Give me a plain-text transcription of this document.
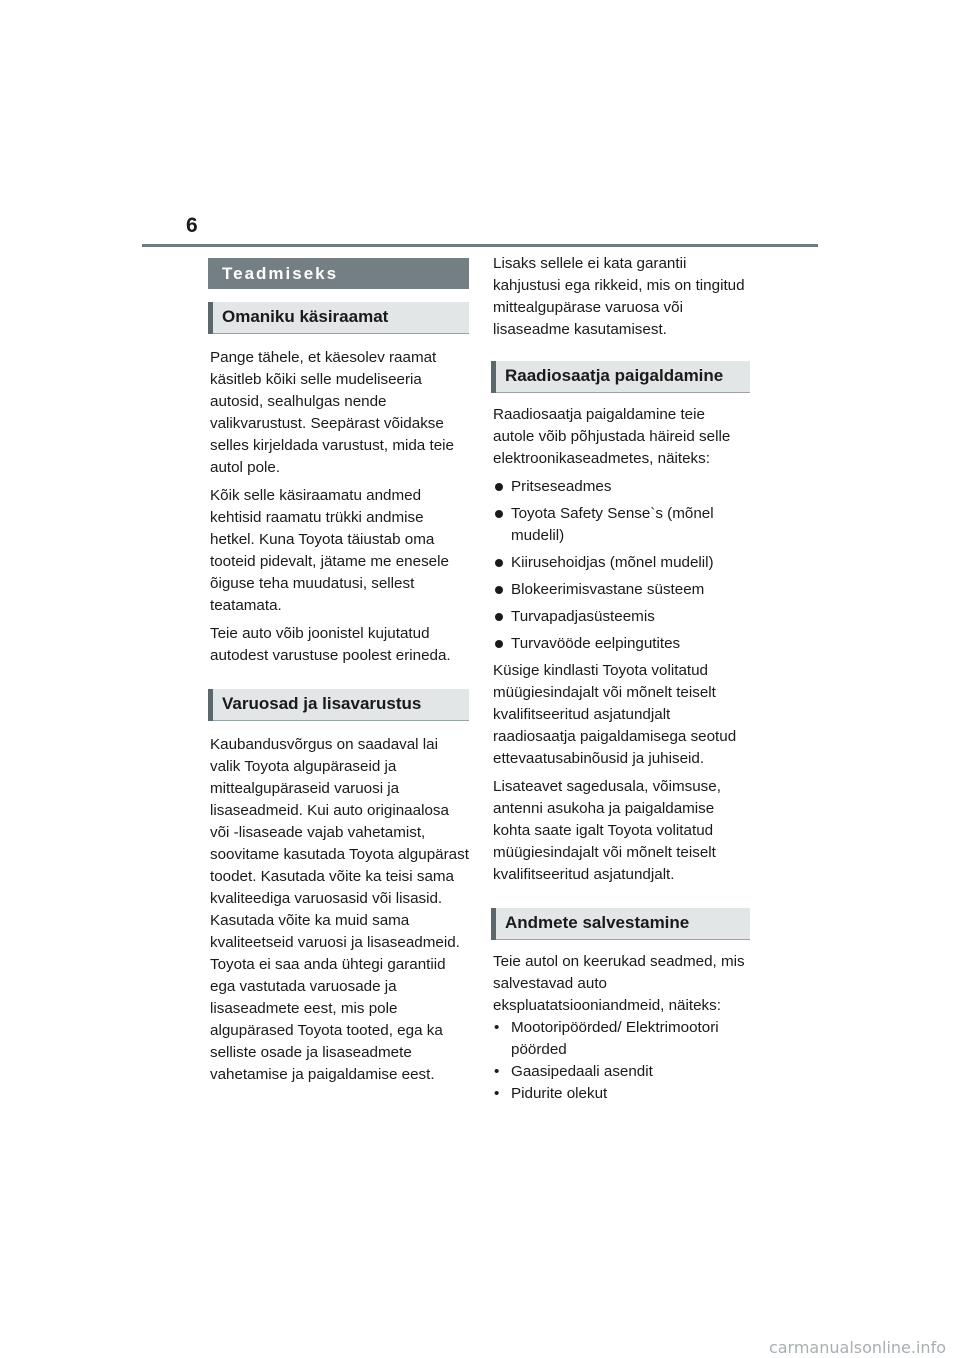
6
Teadmiseks
Omaniku käsiraamat

Pange tähele, et käesolev raamat käsitleb kõiki selle mudeliseeria autosid, sealhulgas nende valikvarustust. Seepärast võidakse selles kirjeldada varustust, mida teie autol pole.

Kõik selle käsiraamatu andmed kehtisid raamatu trükki andmise hetkel. Kuna Toyota täiustab oma tooteid pidevalt, jätame me enesele õiguse teha muudatusi, sellest teatamata.

Teie auto võib joonistel kujutatud autodest varustuse poolest erineda.

Varuosad ja lisavarustus

Kaubandusvõrgus on saadaval lai valik Toyota algupäraseid ja mittealgupäraseid varuosi ja lisaseadmeid. Kui auto originaalosa või -lisaseade vajab vahetamist, soovitame kasutada Toyota algupärast toodet. Kasutada võite ka teisi sama kvaliteediga varuosasid või lisasid. Kasutada võite ka muid sama kvaliteetseid varuosi ja lisaseadmeid. Toyota ei saa anda ühtegi garantiid ega vastutada varuosade ja lisaseadmete eest, mis pole algupärased Toyota tooted, ega ka selliste osade ja lisaseadmete vahetamise ja paigaldamise eest.

Lisaks sellele ei kata garantii kahjustusi ega rikkeid, mis on tingitud mittealgupärase varuosa või lisaseadme kasutamisest.

Raadiosaatja paigaldamine

Raadiosaatja paigaldamine teie autole võib põhjustada häireid selle elektroonikaseadmetes, näiteks:

Pritseseadmes
Toyota Safety Sense`s (mõnel mudelil)
Kiirusehoidjas (mõnel mudelil)
Blokeerimisvastane süsteem
Turvapadjasüsteemis
Turvavööde eelpingutites

Küsige kindlasti Toyota volitatud müügiesindajalt või mõnelt teiselt kvalifitseeritud asjatundjalt raadiosaatja paigaldamisega seotud ettevaatusabinõusid ja juhiseid.

Lisateavet sagedusala, võimsuse, antenni asukoha ja paigaldamise kohta saate igalt Toyota volitatud müügiesindajalt või mõnelt teiselt kvalifitseeritud asjatundjalt.

Andmete salvestamine

Teie autol on keerukad seadmed, mis salvestavad auto ekspluatatsiooniandmeid, näiteks:

• Mootoripöörded/ Elektrimootori pöörded
• Gaasipedaali asendit
• Pidurite olekut
carmanualsonline.info
